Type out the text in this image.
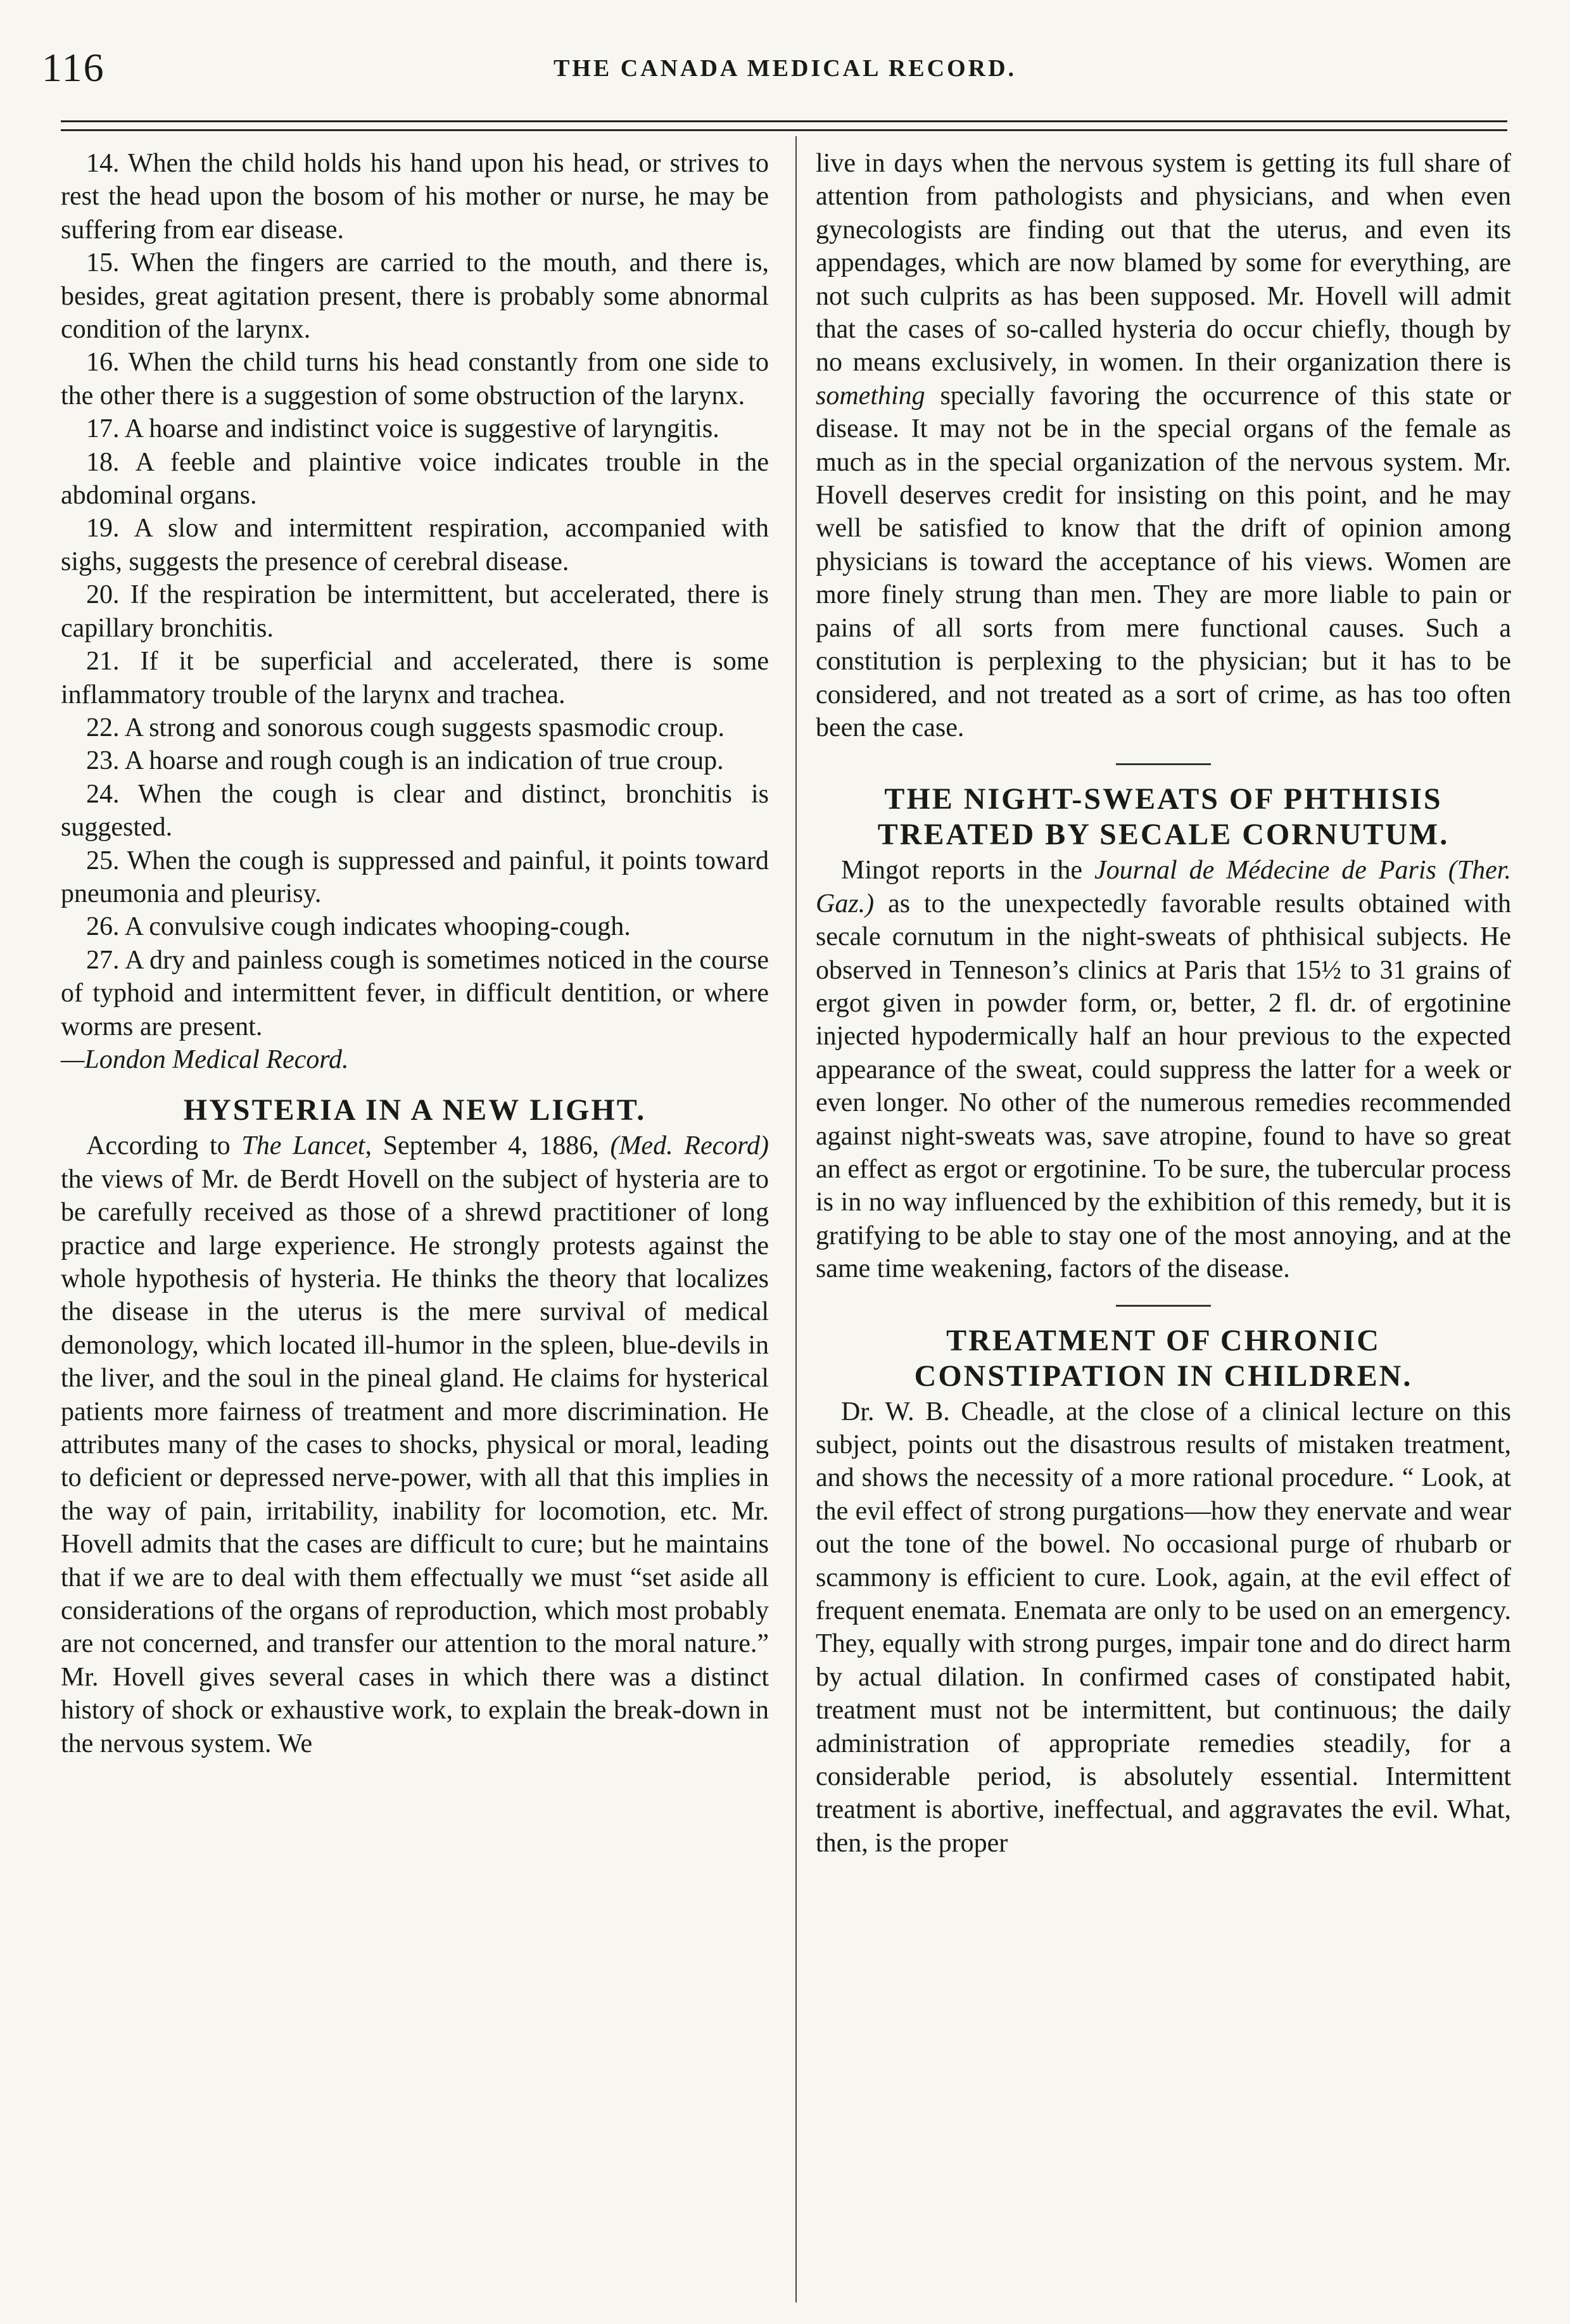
116	THE CANADA MEDICAL RECORD.

14. When the child holds his hand upon his head, or strives to rest the head upon the bosom of his mother or nurse, he may be suffering from ear disease.

15. When the fingers are carried to the mouth, and there is, besides, great agitation present, there is probably some abnormal condition of the larynx.

16. When the child turns his head constantly from one side to the other there is a suggestion of some obstruction of the larynx.

17. A hoarse and indistinct voice is suggestive of laryngitis.

18. A feeble and plaintive voice indicates trouble in the abdominal organs.

19. A slow and intermittent respiration, accompanied with sighs, suggests the presence of cerebral disease.

20. If the respiration be intermittent, but accelerated, there is capillary bronchitis.

21. If it be superficial and accelerated, there is some inflammatory trouble of the larynx and trachea.

22. A strong and sonorous cough suggests spasmodic croup.

23. A hoarse and rough cough is an indication of true croup.

24. When the cough is clear and distinct, bronchitis is suggested.

25. When the cough is suppressed and painful, it points toward pneumonia and pleurisy.

26. A convulsive cough indicates whooping-cough.

27. A dry and painless cough is sometimes noticed in the course of typhoid and intermittent fever, in difficult dentition, or where worms are present.

—London Medical Record.

HYSTERIA IN A NEW LIGHT.

According to The Lancet, September 4, 1886, (Med. Record) the views of Mr. de Berdt Hovell on the subject of hysteria are to be carefully received as those of a shrewd practitioner of long practice and large experience. He strongly protests against the whole hypothesis of hysteria. He thinks the theory that localizes the disease in the uterus is the mere survival of medical demonology, which located ill-humor in the spleen, blue-devils in the liver, and the soul in the pineal gland. He claims for hysterical patients more fairness of treatment and more discrimination. He attributes many of the cases to shocks, physical or moral, leading to deficient or depressed nerve-power, with all that this implies in the way of pain, irritability, inability for locomotion, etc. Mr. Hovell admits that the cases are difficult to cure; but he maintains that if we are to deal with them effectually we must “set aside all considerations of the organs of reproduction, which most probably are not concerned, and transfer our attention to the moral nature.” Mr. Hovell gives several cases in which there was a distinct history of shock or exhaustive work, to explain the break-down in the nervous system. We

live in days when the nervous system is getting its full share of attention from pathologists and physicians, and when even gynecologists are finding out that the uterus, and even its appendages, which are now blamed by some for everything, are not such culprits as has been supposed. Mr. Hovell will admit that the cases of so-called hysteria do occur chiefly, though by no means exclusively, in women. In their organization there is something specially favoring the occurrence of this state or disease. It may not be in the special organs of the female as much as in the special organization of the nervous system. Mr. Hovell deserves credit for insisting on this point, and he may well be satisfied to know that the drift of opinion among physicians is toward the acceptance of his views. Women are more finely strung than men. They are more liable to pain or pains of all sorts from mere functional causes. Such a constitution is perplexing to the physician; but it has to be considered, and not treated as a sort of crime, as has too often been the case.

THE NIGHT-SWEATS OF PHTHISIS TREATED BY SECALE CORNUTUM.

Mingot reports in the Journal de Médecine de Paris (Ther. Gaz.) as to the unexpectedly favorable results obtained with secale cornutum in the night-sweats of phthisical subjects. He observed in Tenneson’s clinics at Paris that 15½ to 31 grains of ergot given in powder form, or, better, 2 fl. dr. of ergotinine injected hypodermically half an hour previous to the expected appearance of the sweat, could suppress the latter for a week or even longer. No other of the numerous remedies recommended against night-sweats was, save atropine, found to have so great an effect as ergot or ergotinine. To be sure, the tubercular process is in no way influenced by the exhibition of this remedy, but it is gratifying to be able to stay one of the most annoying, and at the same time weakening, factors of the disease.

TREATMENT OF CHRONIC CONSTIPATION IN CHILDREN.

Dr. W. B. Cheadle, at the close of a clinical lecture on this subject, points out the disastrous results of mistaken treatment, and shows the necessity of a more rational procedure. “ Look, at the evil effect of strong purgations—how they enervate and wear out the tone of the bowel. No occasional purge of rhubarb or scammony is efficient to cure. Look, again, at the evil effect of frequent enemata. Enemata are only to be used on an emergency. They, equally with strong purges, impair tone and do direct harm by actual dilation. In confirmed cases of constipated habit, treatment must not be intermittent, but continuous; the daily administration of appropriate remedies steadily, for a considerable period, is absolutely essential. Intermittent treatment is abortive, ineffectual, and aggravates the evil. What, then, is the proper
